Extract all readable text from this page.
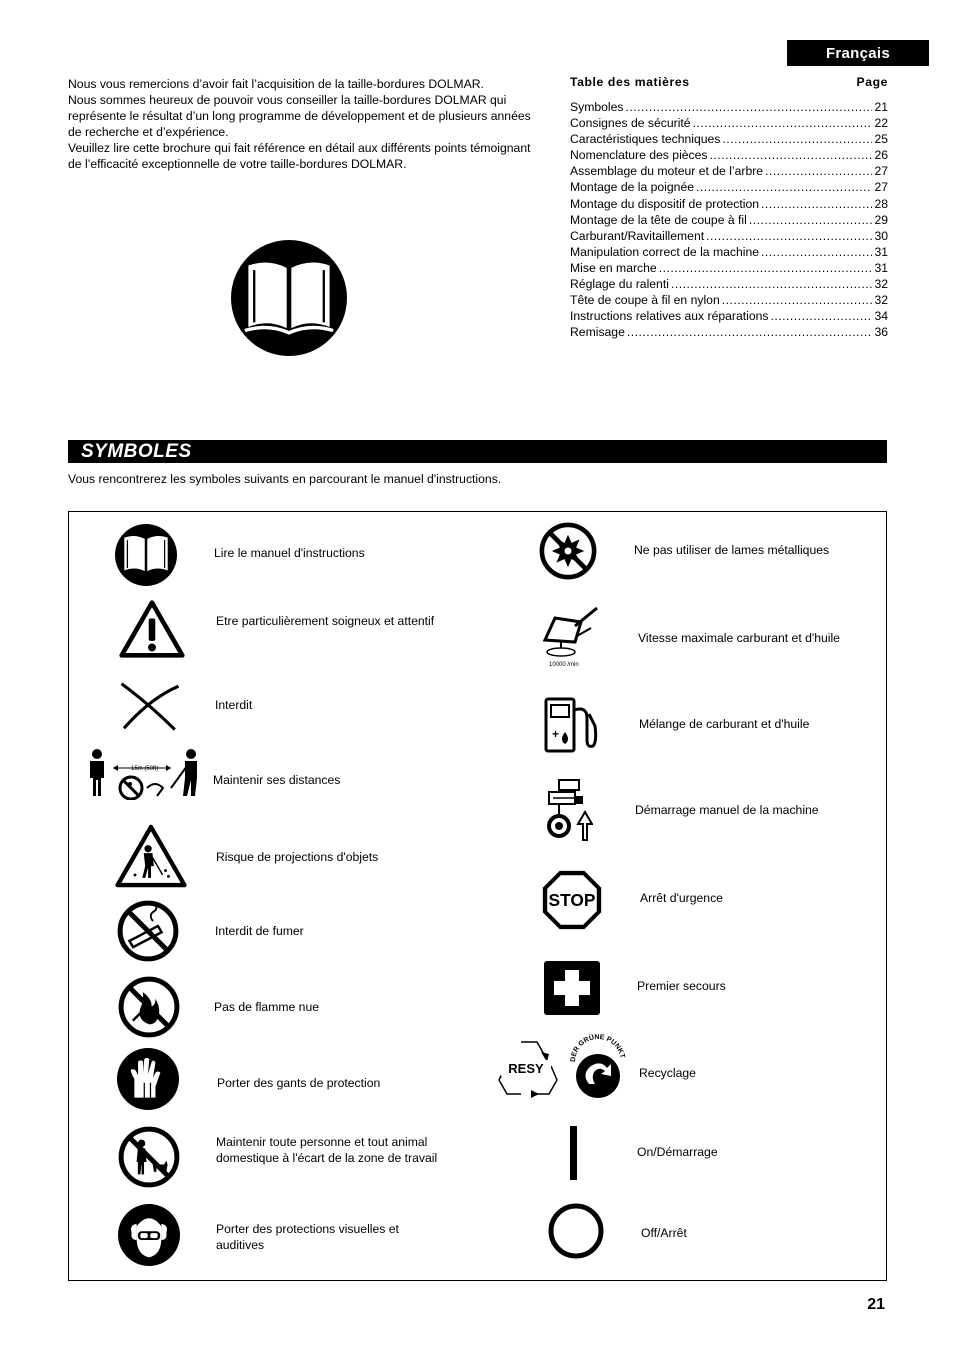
Français

Nous vous remercions d’avoir fait l’acquisition de la taille-bordures DOLMAR.

Nous sommes heureux de pouvoir vous conseiller la taille-bordures DOLMAR qui représente le résultat d’un long programme de développement et de plusieurs années de recherche et d’expérience.

Veuillez lire cette brochure qui fait référence en détail aux différents points témoignant de l’efficacité exceptionnelle de votre taille-bordures DOLMAR.

Table des matières	Page
Symboles .....	21
Consignes de sécurité .....	22
Caractéristiques techniques .....	25
Nomenclature des pièces .....	26
Assemblage du moteur et de l’arbre .....	27
Montage de la poignée .....	27
Montage du dispositif de protection .....	28
Montage de la tête de coupe à fil .....	29
Carburant/Ravitaillement .....	30
Manipulation correct de la machine .....	31
Mise en marche .....	31
Réglage du ralenti .....	32
Tête de coupe à fil en nylon .....	32
Instructions relatives aux réparations .....	34
Remisage .....	36
SYMBOLES
Vous rencontrerez les symboles suivants en parcourant le manuel d'instructions.
Lire le manuel d'instructions
Etre particulièrement soigneux et attentif
Interdit
15m (50ft)
Maintenir ses distances
Risque de projections d'objets
Interdit de fumer
Pas de flamme nue
Porter des gants de protection
Maintenir toute personne et tout animal domestique à l'écart de la zone de travail
Porter des protections visuelles et auditives
Ne pas utiliser de lames métalliques
10000 /min
Vitesse maximale carburant et d'huile
+
Mélange de carburant et d'huile
Démarrage manuel de la machine
STOP	Arrêt d'urgence
Premier secours
RESY
DER GRÜNE PUNKT
Recyclage
On/Démarrage
Off/Arrêt
21
